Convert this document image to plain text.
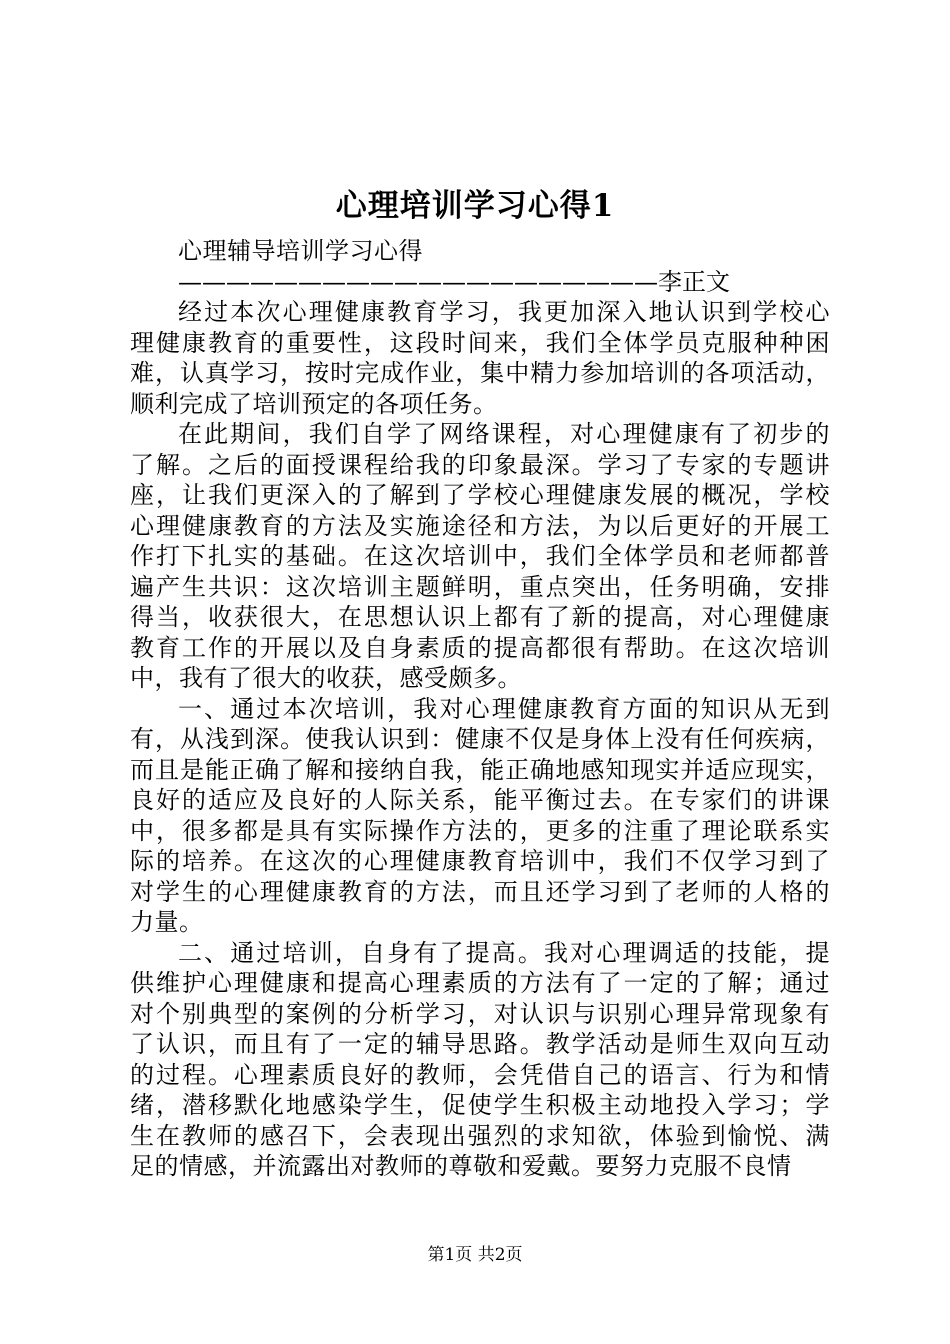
心理培训学习心得1
心理辅导培训学习心得
————————————————————李正文
经过本次心理健康教育学习，我更加深入地认识到学校心
理健康教育的重要性，这段时间来，我们全体学员克服种种困
难，认真学习，按时完成作业，集中精力参加培训的各项活动，
顺利完成了培训预定的各项任务。
在此期间，我们自学了网络课程，对心理健康有了初步的
了解。之后的面授课程给我的印象最深。学习了专家的专题讲
座，让我们更深入的了解到了学校心理健康发展的概况，学校
心理健康教育的方法及实施途径和方法，为以后更好的开展工
作打下扎实的基础。在这次培训中，我们全体学员和老师都普
遍产生共识：这次培训主题鲜明，重点突出，任务明确，安排
得当，收获很大，在思想认识上都有了新的提高，对心理健康
教育工作的开展以及自身素质的提高都很有帮助。在这次培训
中，我有了很大的收获，感受颇多。
一、通过本次培训，我对心理健康教育方面的知识从无到
有，从浅到深。使我认识到：健康不仅是身体上没有任何疾病，
而且是能正确了解和接纳自我，能正确地感知现实并适应现实，
良好的适应及良好的人际关系，能平衡过去。在专家们的讲课
中，很多都是具有实际操作方法的，更多的注重了理论联系实
际的培养。在这次的心理健康教育培训中，我们不仅学习到了
对学生的心理健康教育的方法，而且还学习到了老师的人格的
力量。
二、通过培训，自身有了提高。我对心理调适的技能，提
供维护心理健康和提高心理素质的方法有了一定的了解；通过
对个别典型的案例的分析学习，对认识与识别心理异常现象有
了认识，而且有了一定的辅导思路。教学活动是师生双向互动
的过程。心理素质良好的教师，会凭借自己的语言、行为和情
绪，潜移默化地感染学生，促使学生积极主动地投入学习；学
生在教师的感召下，会表现出强烈的求知欲，体验到愉悦、满
足的情感，并流露出对教师的尊敬和爱戴。要努力克服不良情
第1页 共2页
